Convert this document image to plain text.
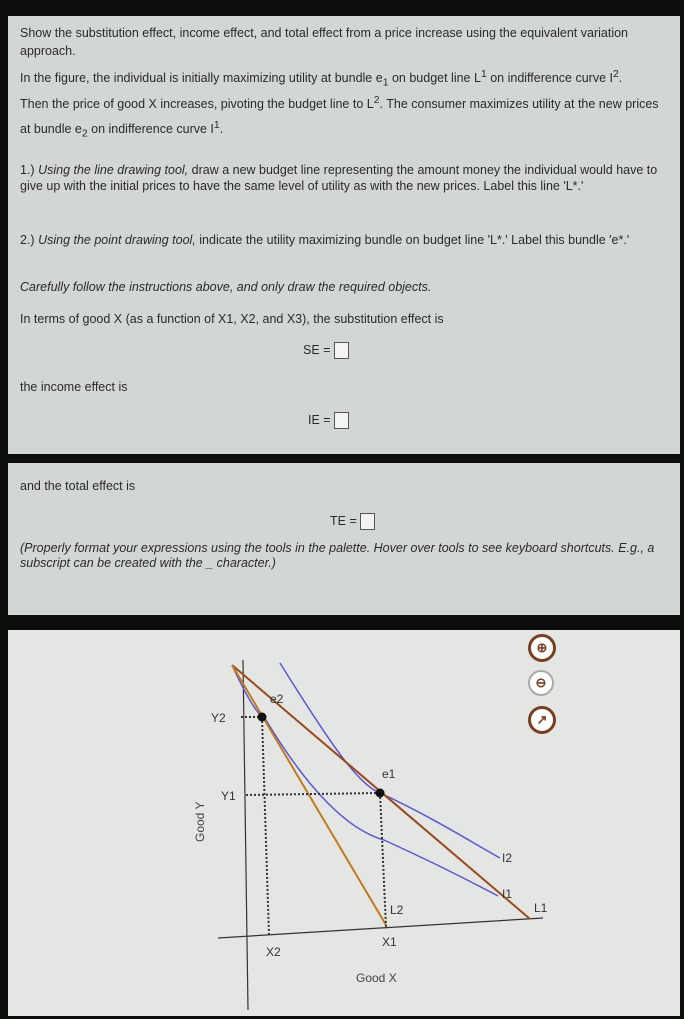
Show the substitution effect, income effect, and total effect from a price increase using the equivalent variation approach.
In the figure, the individual is initially maximizing utility at bundle $e_1$ on budget line $L^1$ on indifference curve $I^2$.
Then the price of good X increases, pivoting the budget line to $L^2$. The consumer maximizes utility at the new prices at bundle $e_2$ on indifference curve $I^1$.
1.) Using the line drawing tool, draw a new budget line representing the amount money the individual would have to give up with the initial prices to have the same level of utility as with the new prices. Label this line 'L*.'
2.) Using the point drawing tool, indicate the utility maximizing bundle on budget line 'L*.' Label this bundle 'e*.'
Carefully follow the instructions above, and only draw the required objects.
In terms of good X (as a function of X1, X2, and X3), the substitution effect is
SE =
the income effect is
IE =
and the total effect is
TE =
(Properly format your expressions using the tools in the palette. Hover over tools to see keyboard shortcuts. E.g., a subscript can be created with the _ character.)
e2
e1
Y2
Y1
X2
X1
L2	L1
I2
I1
Good X
Good Y
⊕
⊖
↗
